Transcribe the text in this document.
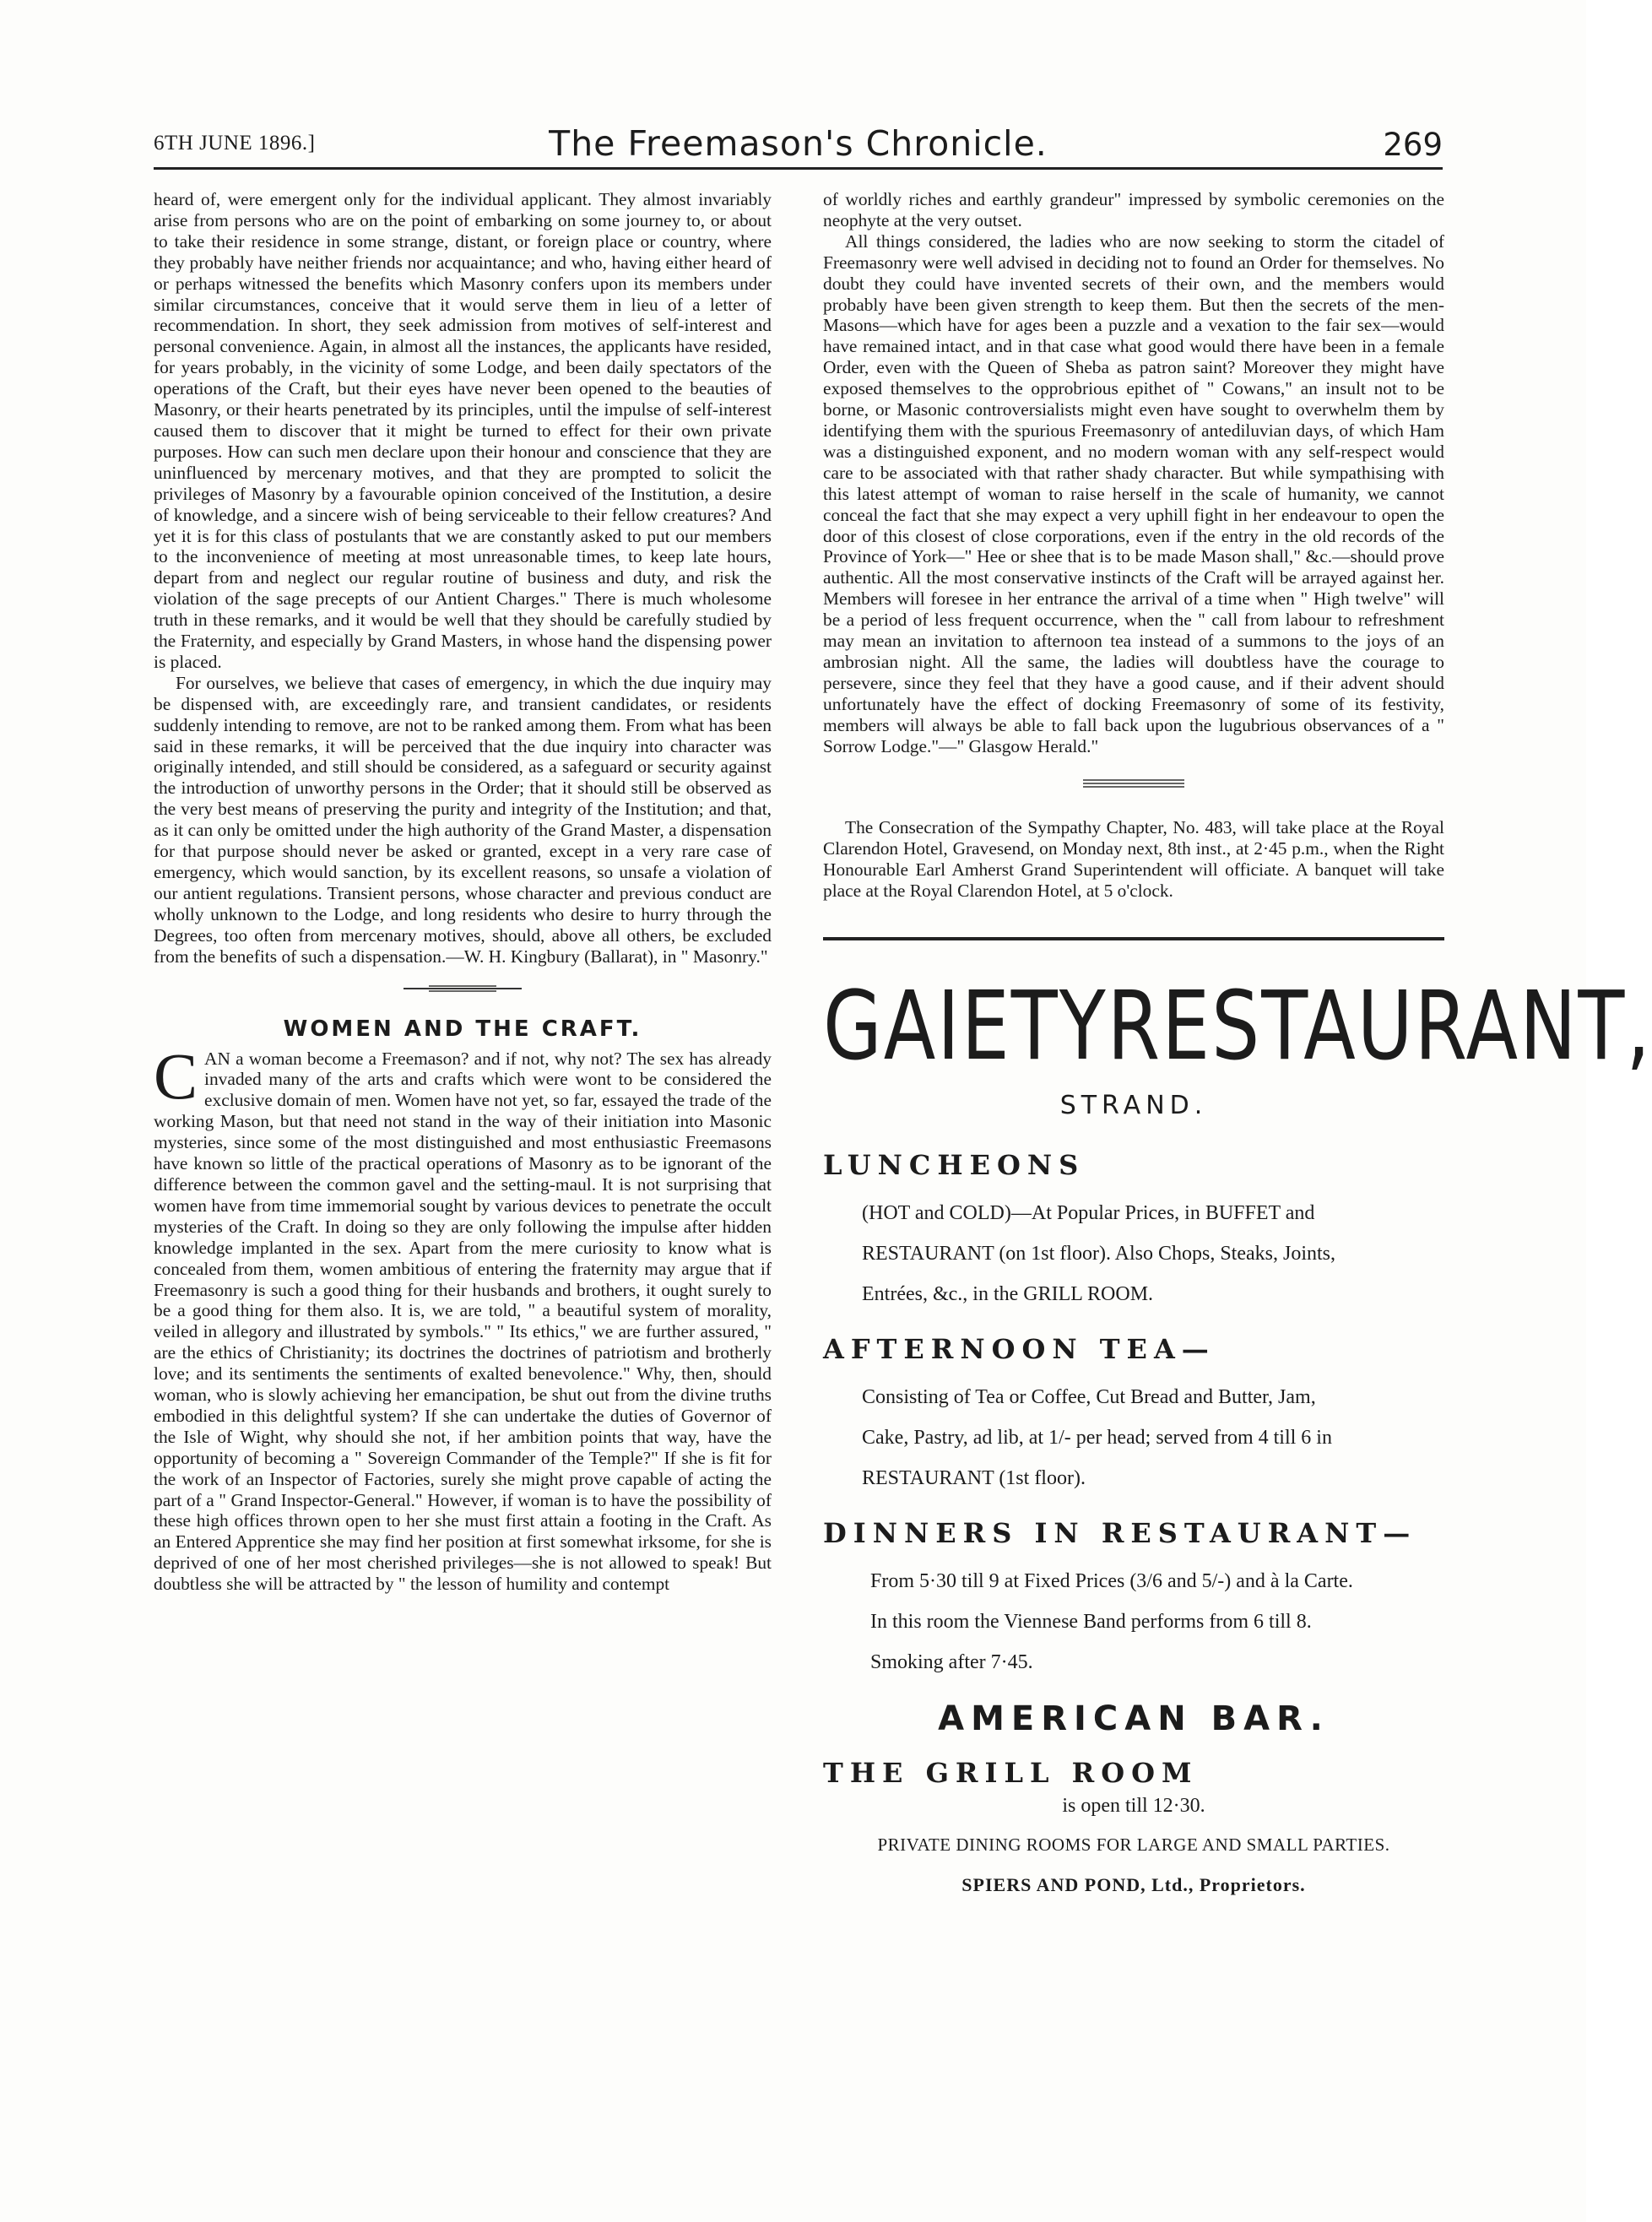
6TH JUNE 1896.]	The Freemason's Chronicle.	269

heard of, were emergent only for the individual applicant. They almost invariably arise from persons who are on the point of embarking on some journey to, or about to take their residence in some strange, distant, or foreign place or country, where they probably have neither friends nor acquaintance; and who, having either heard of or perhaps witnessed the benefits which Masonry confers upon its members under similar circumstances, conceive that it would serve them in lieu of a letter of recommendation. In short, they seek admission from motives of self-interest and personal convenience. Again, in almost all the instances, the applicants have resided, for years probably, in the vicinity of some Lodge, and been daily spectators of the operations of the Craft, but their eyes have never been opened to the beauties of Masonry, or their hearts penetrated by its principles, until the impulse of self-interest caused them to discover that it might be turned to effect for their own private purposes. How can such men declare upon their honour and conscience that they are uninfluenced by mercenary motives, and that they are prompted to solicit the privileges of Masonry by a favourable opinion conceived of the Institution, a desire of knowledge, and a sincere wish of being serviceable to their fellow creatures? And yet it is for this class of postulants that we are constantly asked to put our members to the inconvenience of meeting at most unreasonable times, to keep late hours, depart from and neglect our regular routine of business and duty, and risk the violation of the sage precepts of our Antient Charges." There is much wholesome truth in these remarks, and it would be well that they should be carefully studied by the Fraternity, and especially by Grand Masters, in whose hand the dispensing power is placed.

For ourselves, we believe that cases of emergency, in which the due inquiry may be dispensed with, are exceedingly rare, and transient candidates, or residents suddenly intending to remove, are not to be ranked among them. From what has been said in these remarks, it will be perceived that the due inquiry into character was originally intended, and still should be considered, as a safeguard or security against the introduction of unworthy persons in the Order; that it should still be observed as the very best means of preserving the purity and integrity of the Institution; and that, as it can only be omitted under the high authority of the Grand Master, a dispensation for that purpose should never be asked or granted, except in a very rare case of emergency, which would sanction, by its excellent reasons, so unsafe a violation of our antient regulations. Transient persons, whose character and previous conduct are wholly unknown to the Lodge, and long residents who desire to hurry through the Degrees, too often from mercenary motives, should, above all others, be excluded from the benefits of such a dispensation.—W. H. Kingbury (Ballarat), in " Masonry."

WOMEN AND THE CRAFT.

CAN a woman become a Freemason? and if not, why not? The sex has already invaded many of the arts and crafts which were wont to be considered the exclusive domain of men. Women have not yet, so far, essayed the trade of the working Mason, but that need not stand in the way of their initiation into Masonic mysteries, since some of the most distinguished and most enthusiastic Freemasons have known so little of the practical operations of Masonry as to be ignorant of the difference between the common gavel and the setting-maul. It is not surprising that women have from time immemorial sought by various devices to penetrate the occult mysteries of the Craft. In doing so they are only following the impulse after hidden knowledge implanted in the sex. Apart from the mere curiosity to know what is concealed from them, women ambitious of entering the fraternity may argue that if Freemasonry is such a good thing for their husbands and brothers, it ought surely to be a good thing for them also. It is, we are told, " a beautiful system of morality, veiled in allegory and illustrated by symbols." " Its ethics," we are further assured, " are the ethics of Christianity; its doctrines the doctrines of patriotism and brotherly love; and its sentiments the sentiments of exalted benevolence." Why, then, should woman, who is slowly achieving her emancipation, be shut out from the divine truths embodied in this delightful system? If she can undertake the duties of Governor of the Isle of Wight, why should she not, if her ambition points that way, have the opportunity of becoming a " Sovereign Commander of the Temple?" If she is fit for the work of an Inspector of Factories, surely she might prove capable of acting the part of a " Grand Inspector-General." However, if woman is to have the possibility of these high offices thrown open to her she must first attain a footing in the Craft. As an Entered Apprentice she may find her position at first somewhat irksome, for she is deprived of one of her most cherished privileges—she is not allowed to speak! But doubtless she will be attracted by " the lesson of humility and contempt

of worldly riches and earthly grandeur" impressed by symbolic ceremonies on the neophyte at the very outset.

All things considered, the ladies who are now seeking to storm the citadel of Freemasonry were well advised in deciding not to found an Order for themselves. No doubt they could have invented secrets of their own, and the members would probably have been given strength to keep them. But then the secrets of the men-Masons—which have for ages been a puzzle and a vexation to the fair sex—would have remained intact, and in that case what good would there have been in a female Order, even with the Queen of Sheba as patron saint? Moreover they might have exposed themselves to the opprobrious epithet of " Cowans," an insult not to be borne, or Masonic controversialists might even have sought to overwhelm them by identifying them with the spurious Freemasonry of antediluvian days, of which Ham was a distinguished exponent, and no modern woman with any self-respect would care to be associated with that rather shady character. But while sympathising with this latest attempt of woman to raise herself in the scale of humanity, we cannot conceal the fact that she may expect a very uphill fight in her endeavour to open the door of this closest of close corporations, even if the entry in the old records of the Province of York—" Hee or shee that is to be made Mason shall," &c.—should prove authentic. All the most conservative instincts of the Craft will be arrayed against her. Members will foresee in her entrance the arrival of a time when " High twelve" will be a period of less frequent occurrence, when the " call from labour to refreshment may mean an invitation to afternoon tea instead of a summons to the joys of an ambrosian night. All the same, the ladies will doubtless have the courage to persevere, since they feel that they have a good cause, and if their advent should unfortunately have the effect of docking Freemasonry of some of its festivity, members will always be able to fall back upon the lugubrious observances of a " Sorrow Lodge."—" Glasgow Herald."

The Consecration of the Sympathy Chapter, No. 483, will take place at the Royal Clarendon Hotel, Gravesend, on Monday next, 8th inst., at 2·45 p.m., when the Right Honourable Earl Amherst Grand Superintendent will officiate. A banquet will take place at the Royal Clarendon Hotel, at 5 o'clock.

GAIETY RESTAURANT,
STRAND.

LUNCHEONS

(HOT and COLD)—At Popular Prices, in BUFFET and

RESTAURANT (on 1st floor). Also Chops, Steaks, Joints,

Entrées, &c., in the GRILL ROOM.

AFTERNOON TEA—

Consisting of Tea or Coffee, Cut Bread and Butter, Jam,

Cake, Pastry, ad lib, at 1/- per head; served from 4 till 6 in

RESTAURANT (1st floor).

DINNERS IN RESTAURANT—

From 5·30 till 9 at Fixed Prices (3/6 and 5/-) and à la Carte.

In this room the Viennese Band performs from 6 till 8.

Smoking after 7·45.

AMERICAN BAR.

THE GRILL ROOM

is open till 12·30.

PRIVATE DINING ROOMS FOR LARGE AND SMALL PARTIES.

SPIERS AND POND, Ltd., Proprietors.
